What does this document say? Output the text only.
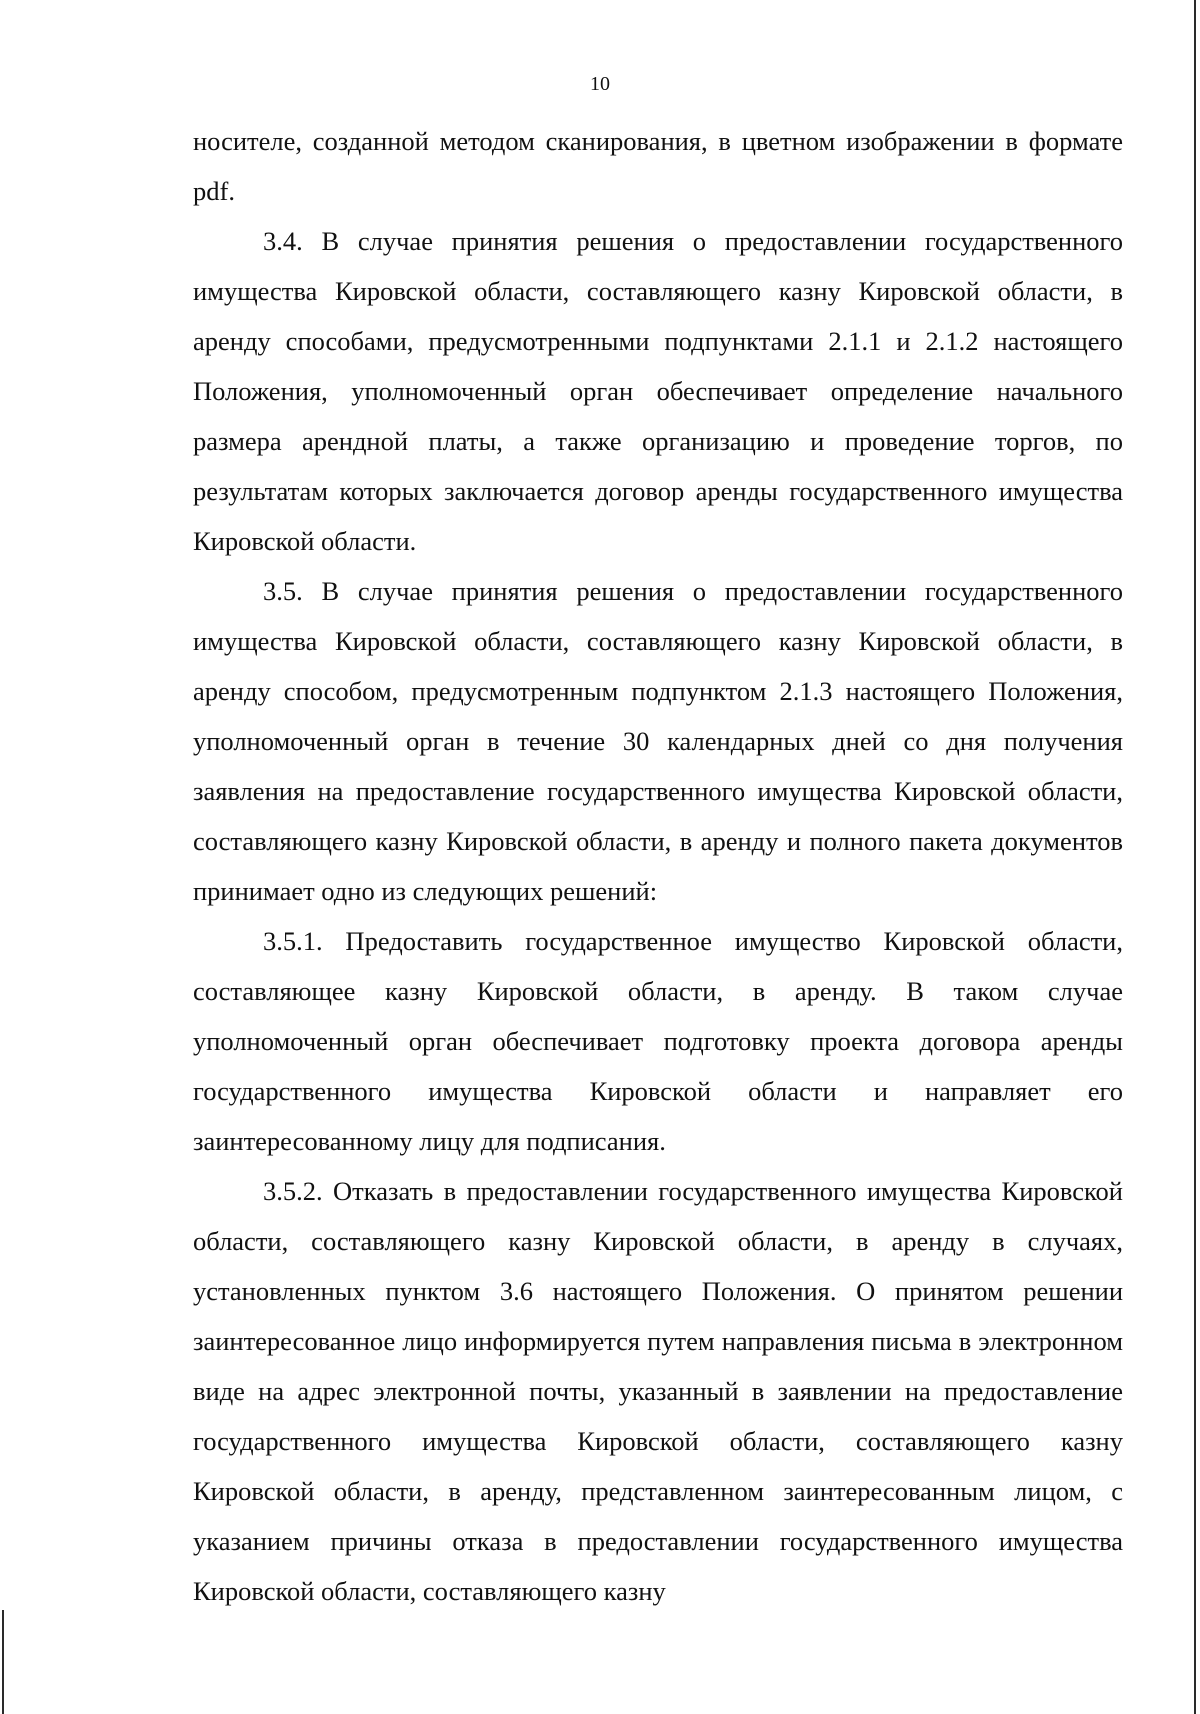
10

носителе, созданной методом сканирования, в цветном изображении в формате pdf.

3.4. В случае принятия решения о предоставлении государственного имущества Кировской области, составляющего казну Кировской области, в аренду способами, предусмотренными подпунктами 2.1.1 и 2.1.2 настоящего Положения, уполномоченный орган обеспечивает определение начального размера арендной платы, а также организацию и проведение торгов, по результатам которых заключается договор аренды государственного имущества Кировской области.

3.5. В случае принятия решения о предоставлении государственного имущества Кировской области, составляющего казну Кировской области, в аренду способом, предусмотренным подпунктом 2.1.3 настоящего Положения, уполномоченный орган в течение 30 календарных дней со дня получения заявления на предоставление государственного имущества Кировской области, составляющего казну Кировской области, в аренду и полного пакета документов принимает одно из следующих решений:

3.5.1. Предоставить государственное имущество Кировской области, составляющее казну Кировской области, в аренду. В таком случае уполномоченный орган обеспечивает подготовку проекта договора аренды государственного имущества Кировской области и направляет его заинтересованному лицу для подписания.

3.5.2. Отказать в предоставлении государственного имущества Кировской области, составляющего казну Кировской области, в аренду в случаях, установленных пунктом 3.6 настоящего Положения. О принятом решении заинтересованное лицо информируется путем направления письма в электронном виде на адрес электронной почты, указанный в заявлении на предоставление государственного имущества Кировской области, составляющего казну Кировской области, в аренду, представленном заинтересованным лицом, с указанием причины отказа в предоставлении государственного имущества Кировской области, составляющего казну
